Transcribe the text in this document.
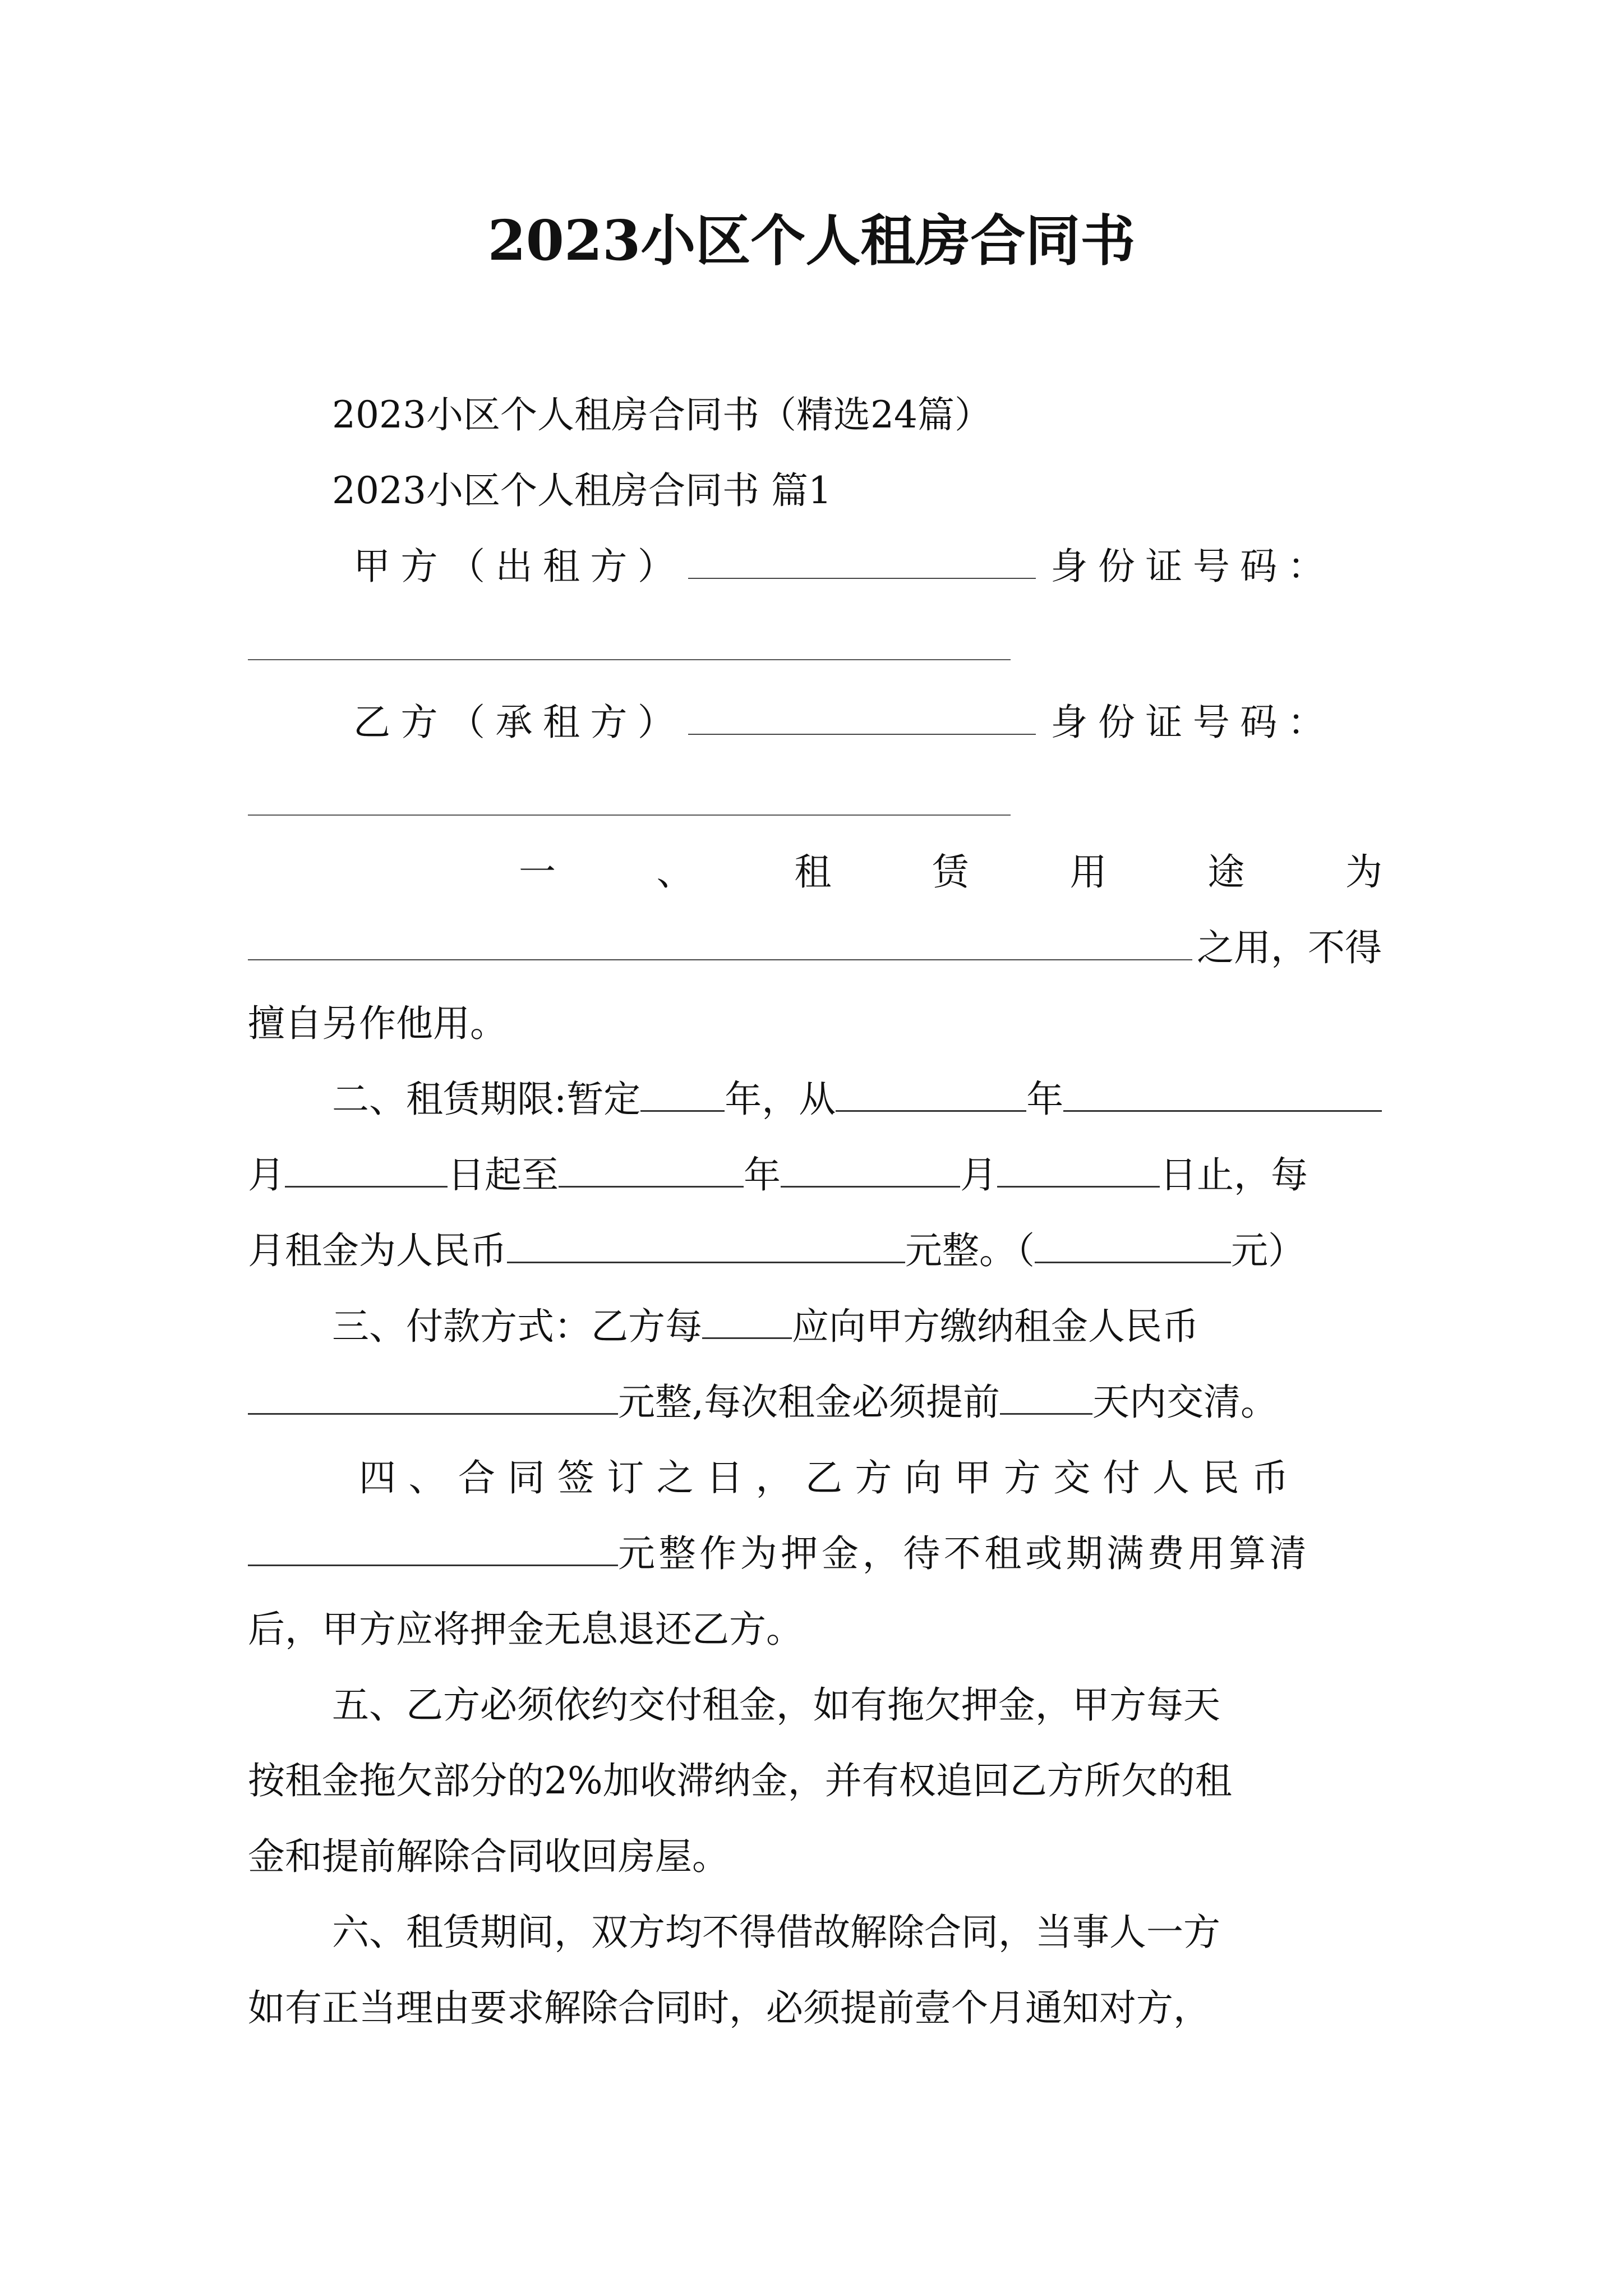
2023小区个人租房合同书
2023小区个人租房合同书（精选24篇）
2023小区个人租房合同书 篇1
甲方（出租方）	身份证号码：
乙方（承租方）	身份证号码：
一	、	租	赁	用	途	为
之用，不得
擅自另作他用。
二、租赁期限:暂定 年，从	年
月	日起至	年	月	日止，每
月租金为人民币	元整。（	元）
三、付款方式：乙方每 应向甲方缴纳租金人民币
元整,每次租金必须提前	天内交清。
四、合同签订之日，乙方向甲方交付人民币
元整作为押金，待不租或期满费用算清
后，甲方应将押金无息退还乙方。
五、乙方必须依约交付租金，如有拖欠押金，甲方每天
按租金拖欠部分的2%加收滞纳金，并有权追回乙方所欠的租
金和提前解除合同收回房屋。
六、租赁期间，双方均不得借故解除合同，当事人一方
如有正当理由要求解除合同时，必须提前壹个月通知对方，
